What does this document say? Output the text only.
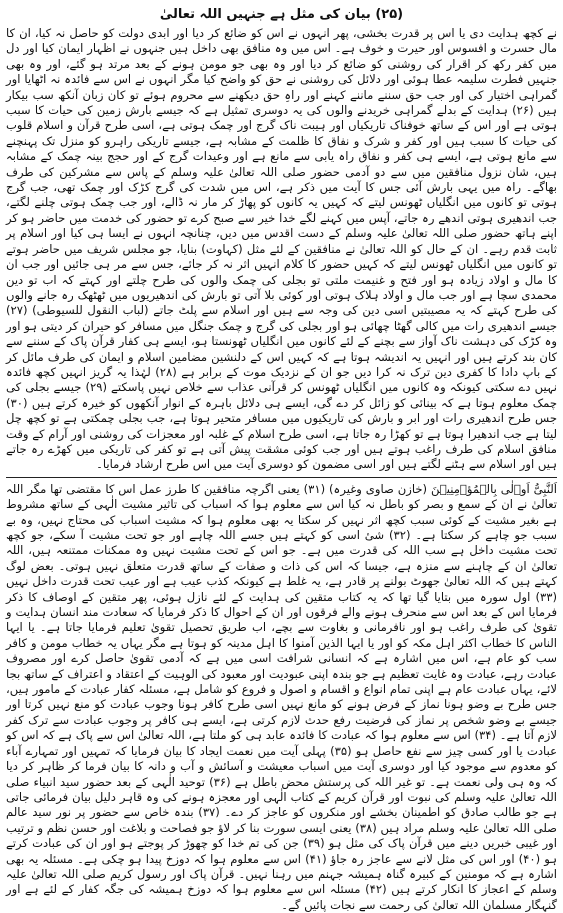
(۲۵) بیان کی مثل ہے جنہیں اللہ تعالیٰ

نے کچھ ہدایت دی یا اس پر قدرت بخشی، پھر انہوں نے اس کو ضائع کر دیا اور ابدی دولت کو حاصل نہ کیا، ان کا مال حسرت و افسوس اور حیرت و خوف ہے۔ اس میں وہ منافق بھی داخل ہیں جنہوں نے اظہار ایمان کیا اور دل میں کفر رکھ کر اقرار کی روشنی کو ضائع کر دیا اور وہ بھی جو مومن ہونے کے بعد مرتد ہو گئے، اور وہ بھی جنہیں فطرت سلیمہ عطا ہوئی اور دلائل کی روشنی نے حق کو واضح کیا مگر انہوں نے اس سے فائدہ نہ اٹھایا اور گمراہی اختیار کی اور جب حق سننے ماننے کہنے اور راہِ حق دیکھنے سے محروم ہوئے تو کان زبان آنکھ سب بیکار ہیں (۲۶) ہدایت کے بدلے گمراہی خریدنے والوں کی یہ دوسری تمثیل ہے کہ جیسے بارش زمین کی حیات کا سبب ہوتی ہے اور اس کے ساتھ خوفناک تاریکیاں اور ہیبت ناک گرج اور چمک ہوتی ہے، اسی طرح قرآن و اسلام قلوب کی حیات کا سبب ہیں اور کفر و شرک و نفاق کا ظلمت کے مشابہ ہے، جیسے تاریکی راہرو کو منزل تک پہنچنے سے مانع ہوتی ہے، ایسے ہی کفر و نفاق راہ یابی سے مانع ہے اور وعیدات گرج کے اور حجج بینہ چمک کے مشابہ ہیں، شان نزول منافقین میں سے دو آدمی حضور صلی اللہ تعالیٰ علیہ وسلم کے پاس سے مشرکین کی طرف بھاگے۔ راہ میں یہی بارش آئی جس کا آیت میں ذکر ہے، اس میں شدت کی گرج کڑک اور چمک تھی، جب گرج ہوتی تو کانوں میں انگلیاں ٹھونس لیتے کہ کہیں یہ کانوں کو پھاڑ کر مار نہ ڈالے، اور جب چمک ہوتی چلنے لگتے، جب اندھیری ہوتی اندھے رہ جاتے، آپس میں کہنے لگے خدا خیر سے صبح کرے تو حضور کی خدمت میں حاضر ہو کر اپنے ہاتھ حضور صلی اللہ تعالیٰ علیہ وسلم کے دست اقدس میں دیں، چنانچہ انہوں نے ایسا ہی کیا اور اسلام پر ثابت قدم رہے۔ ان کے حال کو اللہ تعالیٰ نے منافقین کے لئے مثل (کہاوت) بنایا، جو مجلس شریف میں حاضر ہوتے تو کانوں میں انگلیاں ٹھونس لیتے کہ کہیں حضور کا کلام انہیں اثر نہ کر جائے، جس سے مر ہی جائیں اور جب ان کا مال و اولاد زیادہ ہو اور فتح و غنیمت ملتی تو بجلی کی چمک والوں کی طرح چلتے اور کہتے کہ اب تو دین محمدی سچا ہے اور جب مال و اولاد ہلاک ہوتی اور کوئی بلا آتی تو بارش کی اندھیریوں میں ٹھٹھک رہ جانے والوں کی طرح کہتے کہ یہ مصیبتیں اسی دین کی وجہ سے ہیں اور اسلام سے پلٹ جاتے (لباب النقول للسیوطی) (۲۷) جیسے اندھیری رات میں کالی گھٹا چھائی ہو اور بجلی کی گرج و چمک جنگل میں مسافر کو حیران کر دیتی ہو اور وہ کڑک کی دہشت ناک آواز سے بچنے کے لئے کانوں میں انگلیاں ٹھونستا ہو، ایسے ہی کفار قرآن پاک کے سننے سے کان بند کرتے ہیں اور انہیں یہ اندیشہ ہوتا ہے کہ کہیں اس کے دلنشین مضامین اسلام و ایمان کی طرف مائل کر کے باپ دادا کا کفری دین ترک نہ کرا دیں جو ان کے نزدیک موت کے برابر ہے (۲۸) لہٰذا یہ گریز انہیں کچھ فائدہ نہیں دے سکتی کیونکہ وہ کانوں میں انگلیاں ٹھونس کر قرآنی عذاب سے خلاص نہیں پاسکتے (۲۹) جیسے بجلی کی چمک معلوم ہوتا ہے کہ بینائی کو زائل کر دے گی، ایسے ہی دلائل باہرہ کے انوار آنکھوں کو خیرہ کرتے ہیں (۳۰) جس طرح اندھیری رات اور ابر و بارش کی تاریکیوں میں مسافر متحیر ہوتا ہے، جب بجلی چمکتی ہے تو کچھ چل لیتا ہے جب اندھیرا ہوتا ہے تو کھڑا رہ جاتا ہے، اسی طرح اسلام کے غلبہ اور معجزات کی روشنی اور آرام کے وقت منافق اسلام کی طرف راغب ہوتے ہیں اور جب کوئی مشقت پیش آتی ہے تو کفر کی تاریکی میں کھڑے رہ جاتے ہیں اور اسلام سے ہٹنے لگتے ہیں اور اسی مضمون کو دوسری آیت میں اس طرح ارشاد فرمایا۔

اَلنَّبِیُّ اَوۡلٰی بِالۡمُؤۡمِنِیۡنَ (خازن صاوی وغیرہ) (۳۱) یعنی اگرچہ منافقین کا طرز عمل اس کا مقتضی تھا مگر اللہ تعالیٰ نے ان کے سمع و بصر کو باطل نہ کیا اس سے معلوم ہوا کہ اسباب کی تاثیر مشیت الٰہی کے ساتھ مشروط ہے بغیر مشیت کے کوئی سبب کچھ اثر نہیں کر سکتا یہ بھی معلوم ہوا کہ مشیت اسباب کی محتاج نہیں، وہ بے سبب جو چاہے کر سکتا ہے۔ (۳۲) شیٔ اسی کو کہتے ہیں جسے اللہ چاہے اور جو تحت مشیت آ سکے، جو کچھ تحت مشیت داخل ہے سب اللہ کی قدرت میں ہے۔ جو اس کے تحت مشیت نہیں وہ ممکنات ممتنعہ ہیں، اللہ تعالیٰ ان کے چاہنے سے منزہ ہے، جیسا کہ اس کی ذات و صفات کے ساتھ قدرت متعلق نہیں ہوتی۔ بعض لوگ کہتے ہیں کہ اللہ تعالیٰ جھوٹ بولنے پر قادر ہے، یہ غلط ہے کیونکہ کذب عیب ہے اور عیب تحت قدرت داخل نہیں (۳۳) اول سورہ میں بتایا گیا تھا کہ یہ کتاب متقین کی ہدایت کے لئے نازل ہوئی، پھر متقین کے اوصاف کا ذکر فرمایا اس کے بعد اس سے منحرف ہونے والے فرقوں اور ان کے احوال کا ذکر فرمایا کہ سعادت مند انسان ہدایت و تقویٰ کی طرف راغب ہو اور نافرمانی و بغاوت سے بچے، اب طریق تحصیل تقویٰ تعلیم فرمایا جاتا ہے۔ یا ایہا الناس کا خطاب اکثر اہل مکہ کو اور یا ایہا الذین آمنوا کا اہل مدینہ کو ہوتا ہے مگر یہاں یہ خطاب مومن و کافر سب کو عام ہے، اس میں اشارہ ہے کہ انسانی شرافت اسی میں ہے کہ آدمی تقویٰ حاصل کرے اور مصروف عبادت رہے، عبادت وہ غایت تعظیم ہے جو بندہ اپنی عبودیت اور معبود کی الوہیت کے اعتقاد و اعتراف کے ساتھ بجا لائے، یہاں عبادت عام ہے اپنی تمام انواع و اقسام و اصول و فروع کو شامل ہے، مسئلہ کفار عبادت کے مامور ہیں، جس طرح بے وضو ہونا نماز کے فرض ہونے کو مانع نہیں اسی طرح کافر ہونا وجوب عبادت کو منع نہیں کرتا اور جیسے بے وضو شخص پر نماز کی فرضیت رفع حدث لازم کرتی ہے، ایسے ہی کافر پر وجوب عبادت سے ترک کفر لازم آتا ہے۔ (۳۴) اس سے معلوم ہوا کہ عبادت کا فائدہ عابد ہی کو ملتا ہے، اللہ تعالیٰ اس سے پاک ہے کہ اس کو عبادت یا اور کسی چیز سے نفع حاصل ہو (۳۵) پہلی آیت میں نعمت ایجاد کا بیان فرمایا کہ تمہیں اور تمہارے آباء کو معدوم سے موجود کیا اور دوسری آیت میں اسباب معیشت و آسائش و آب و دانہ کا بیان فرما کر ظاہر کر دیا کہ وہ ہی ولی نعمت ہے۔ تو غیر اللہ کی پرستش محض باطل ہے (۳۶) توحید الٰہی کے بعد حضور سید انبیاء صلی اللہ تعالیٰ علیہ وسلم کی نبوت اور قرآن کریم کے کتاب الٰہی اور معجزہ ہونے کی وہ قاہر دلیل بیان فرمائی جاتی ہے جو طالب صادق کو اطمینان بخشے اور منکروں کو عاجز کر دے۔ (۳۷) بندہ خاص سے حضور پر نور سید عالم صلی اللہ تعالیٰ علیہ وسلم مراد ہیں (۳۸) یعنی ایسی سورت بنا کر لاؤ جو فصاحت و بلاغت اور حسن نظم و ترتیب اور غیبی خبریں دینے میں قرآن پاک کی مثل ہو (۳۹) جن کی تم خدا کو چھوڑ کر پوجتے ہو اور ان کی عبادت کرتے ہو (۴۰) اور اس کی مثل لانے سے عاجز رہ جاؤ (۴۱) اس سے معلوم ہوا کہ دوزخ پیدا ہو چکی ہے۔ مسئلہ یہ بھی اشارہ ہے کہ مومنین کے کبیرہ گناہ ہمیشہ جہنم میں رہنا نہیں۔ قرآن پاک اور رسول کریم صلی اللہ تعالیٰ علیہ وسلم کے اعجاز کا انکار کرتے ہیں (۴۲) مسئلہ اس سے معلوم ہوا کہ دوزخ ہمیشہ کی جگہ کفار کے لئے ہے اور گنہگار مسلمان اللہ تعالیٰ کی رحمت سے نجات پائیں گے۔
